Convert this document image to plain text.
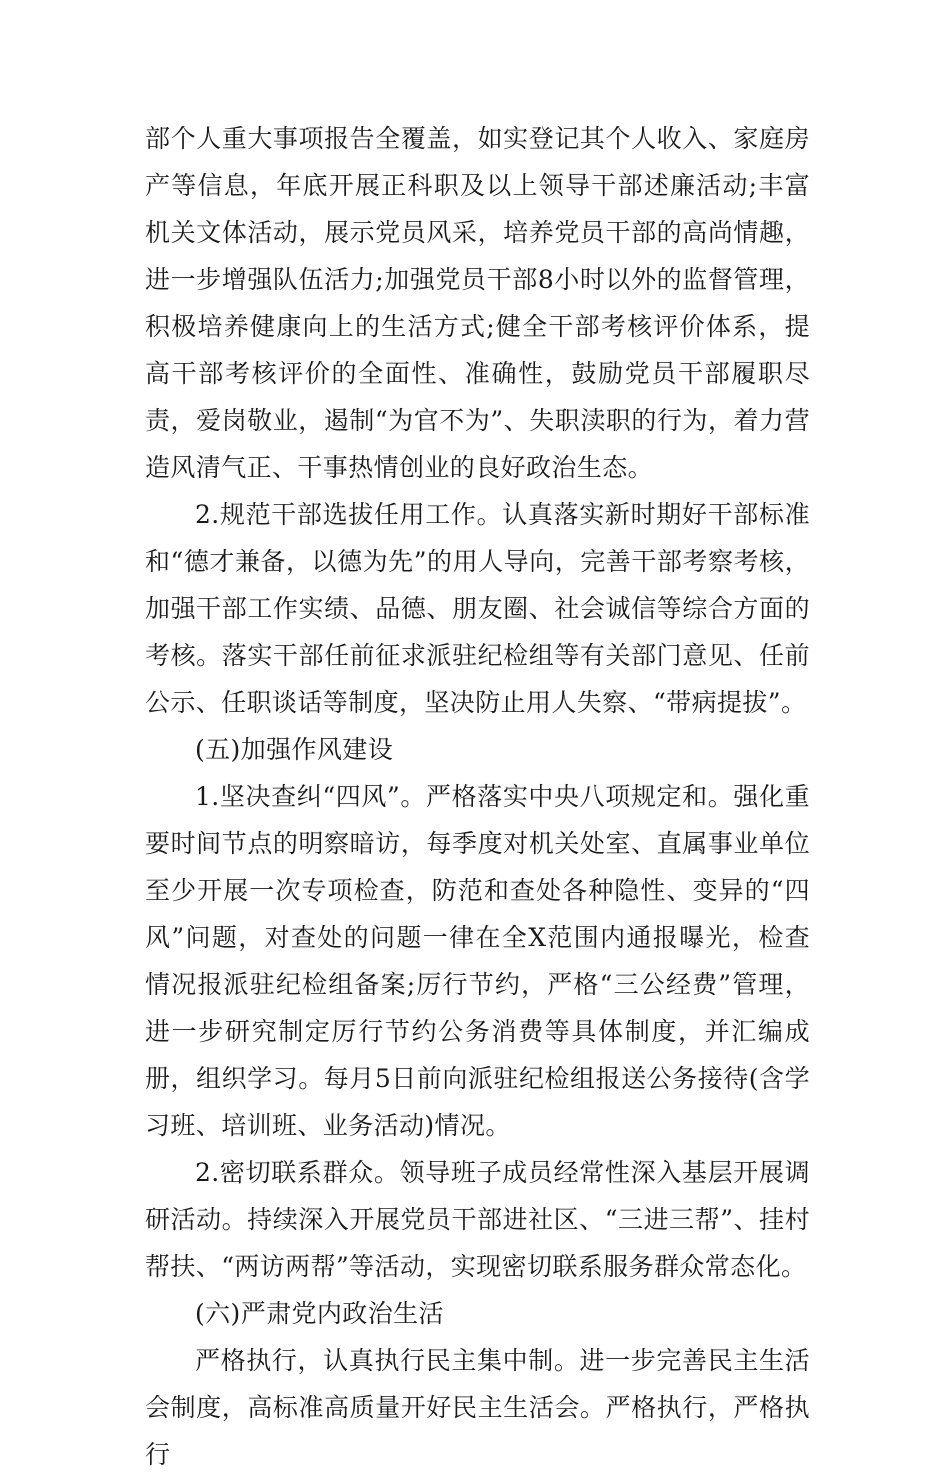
部个人重大事项报告全覆盖，如实登记其个人收入、家庭房产等信息，年底开展正科职及以上领导干部述廉活动;丰富机关文体活动，展示党员风采，培养党员干部的高尚情趣，进一步增强队伍活力;加强党员干部8小时以外的监督管理，积极培养健康向上的生活方式;健全干部考核评价体系，提高干部考核评价的全面性、准确性，鼓励党员干部履职尽责，爱岗敬业，遏制“为官不为”、失职渎职的行为，着力营造风清气正、干事热情创业的良好政治生态。

2.规范干部选拔任用工作。认真落实新时期好干部标准和“德才兼备，以德为先”的用人导向，完善干部考察考核，加强干部工作实绩、品德、朋友圈、社会诚信等综合方面的考核。落实干部任前征求派驻纪检组等有关部门意见、任前公示、任职谈话等制度，坚决防止用人失察、“带病提拔”。

(五)加强作风建设

1.坚决查纠“四风”。严格落实中央八项规定和。强化重要时间节点的明察暗访，每季度对机关处室、直属事业单位至少开展一次专项检查，防范和查处各种隐性、变异的“四风”问题，对查处的问题一律在全X范围内通报曝光，检查情况报派驻纪检组备案;厉行节约，严格“三公经费”管理，进一步研究制定厉行节约公务消费等具体制度，并汇编成册，组织学习。每月5日前向派驻纪检组报送公务接待(含学习班、培训班、业务活动)情况。

2.密切联系群众。领导班子成员经常性深入基层开展调研活动。持续深入开展党员干部进社区、“三进三帮”、挂村帮扶、“两访两帮”等活动，实现密切联系服务群众常态化。

(六)严肃党内政治生活

严格执行，认真执行民主集中制。进一步完善民主生活会制度，高标准高质量开好民主生活会。严格执行，严格执行
